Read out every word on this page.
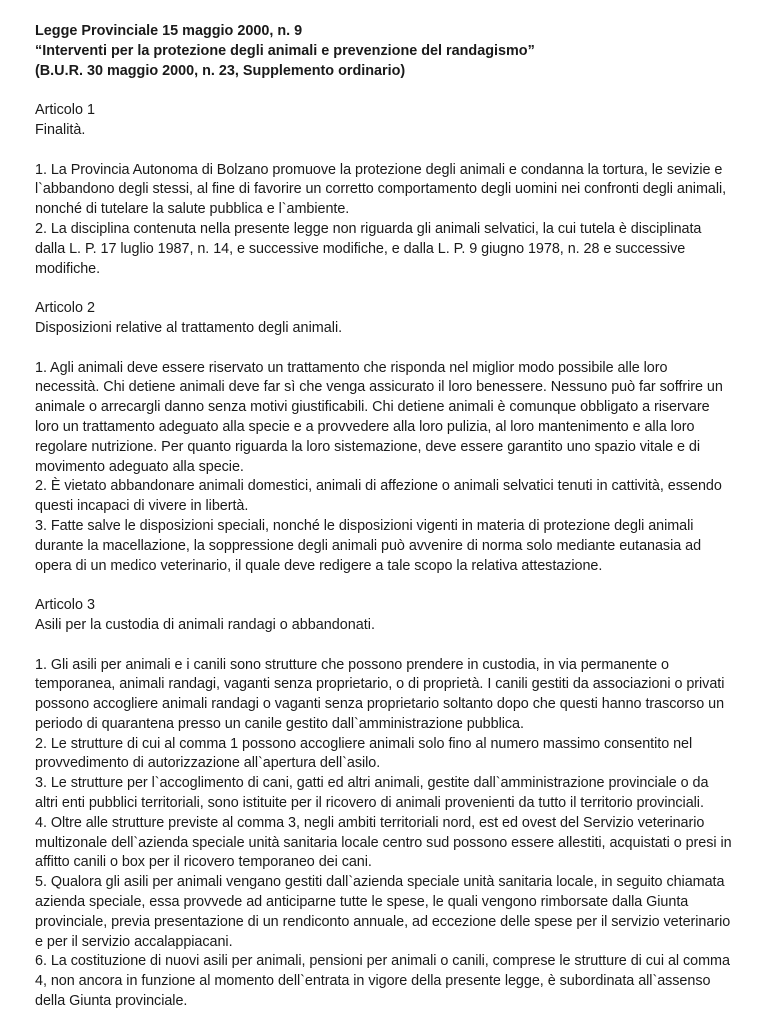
Legge Provinciale 15 maggio 2000, n. 9

“Interventi per la protezione degli animali e prevenzione del randagismo”

(B.U.R. 30 maggio 2000, n. 23, Supplemento ordinario)

Articolo 1

Finalità.

1. La Provincia Autonoma di Bolzano promuove la protezione degli animali e condanna la tortura, le sevizie e l`abbandono degli stessi, al fine di favorire un corretto comportamento degli uomini nei confronti degli animali, nonché di tutelare la salute pubblica e l`ambiente.

2. La disciplina contenuta nella presente legge non riguarda gli animali selvatici, la cui tutela è disciplinata dalla L. P. 17 luglio 1987, n. 14, e successive modifiche, e dalla L. P. 9 giugno 1978, n. 28 e successive modifiche.

Articolo 2

Disposizioni relative al trattamento degli animali.

1. Agli animali deve essere riservato un trattamento che risponda nel miglior modo possibile alle loro necessità. Chi detiene animali deve far sì che venga assicurato il loro benessere. Nessuno può far soffrire un animale o arrecargli danno senza motivi giustificabili. Chi detiene animali è comunque obbligato a riservare loro un trattamento adeguato alla specie e a provvedere alla loro pulizia, al loro mantenimento e alla loro regolare nutrizione. Per quanto riguarda la loro sistemazione, deve essere garantito uno spazio vitale e di movimento adeguato alla specie.

2. È vietato abbandonare animali domestici, animali di affezione o animali selvatici tenuti in cattività, essendo questi incapaci di vivere in libertà.

3. Fatte salve le disposizioni speciali, nonché le disposizioni vigenti in materia di protezione degli animali durante la macellazione, la soppressione degli animali può avvenire di norma solo mediante eutanasia ad opera di un medico veterinario, il quale deve redigere a tale scopo la relativa attestazione.

Articolo 3

Asili per la custodia di animali randagi o abbandonati.

1. Gli asili per animali e i canili sono strutture che possono prendere in custodia, in via permanente o temporanea, animali randagi, vaganti senza proprietario, o di proprietà. I canili gestiti da associazioni o privati possono accogliere animali randagi o vaganti senza proprietario soltanto dopo che questi hanno trascorso un periodo di quarantena presso un canile gestito dall`amministrazione pubblica.

2. Le strutture di cui al comma 1 possono accogliere animali solo fino al numero massimo consentito nel provvedimento di autorizzazione all`apertura dell`asilo.

3. Le strutture per l`accoglimento di cani, gatti ed altri animali, gestite dall`amministrazione provinciale o da altri enti pubblici territoriali, sono istituite per il ricovero di animali provenienti da tutto il territorio provinciali.

4. Oltre alle strutture previste al comma 3, negli ambiti territoriali nord, est ed ovest del Servizio veterinario multizonale dell`azienda speciale unità sanitaria locale centro sud possono essere allestiti, acquistati o presi in affitto canili o box per il ricovero temporaneo dei cani.

5. Qualora gli asili per animali vengano gestiti dall`azienda speciale unità sanitaria locale, in seguito chiamata azienda speciale, essa provvede ad anticiparne tutte le spese, le quali vengono rimborsate dalla Giunta provinciale, previa presentazione di un rendiconto annuale, ad eccezione delle spese per il servizio veterinario e per il servizio accalappiacani.

6. La costituzione di nuovi asili per animali, pensioni per animali o canili, comprese le strutture di cui al comma 4, non ancora in funzione al momento dell`entrata in vigore della presente legge, è subordinata all`assenso della Giunta provinciale.
